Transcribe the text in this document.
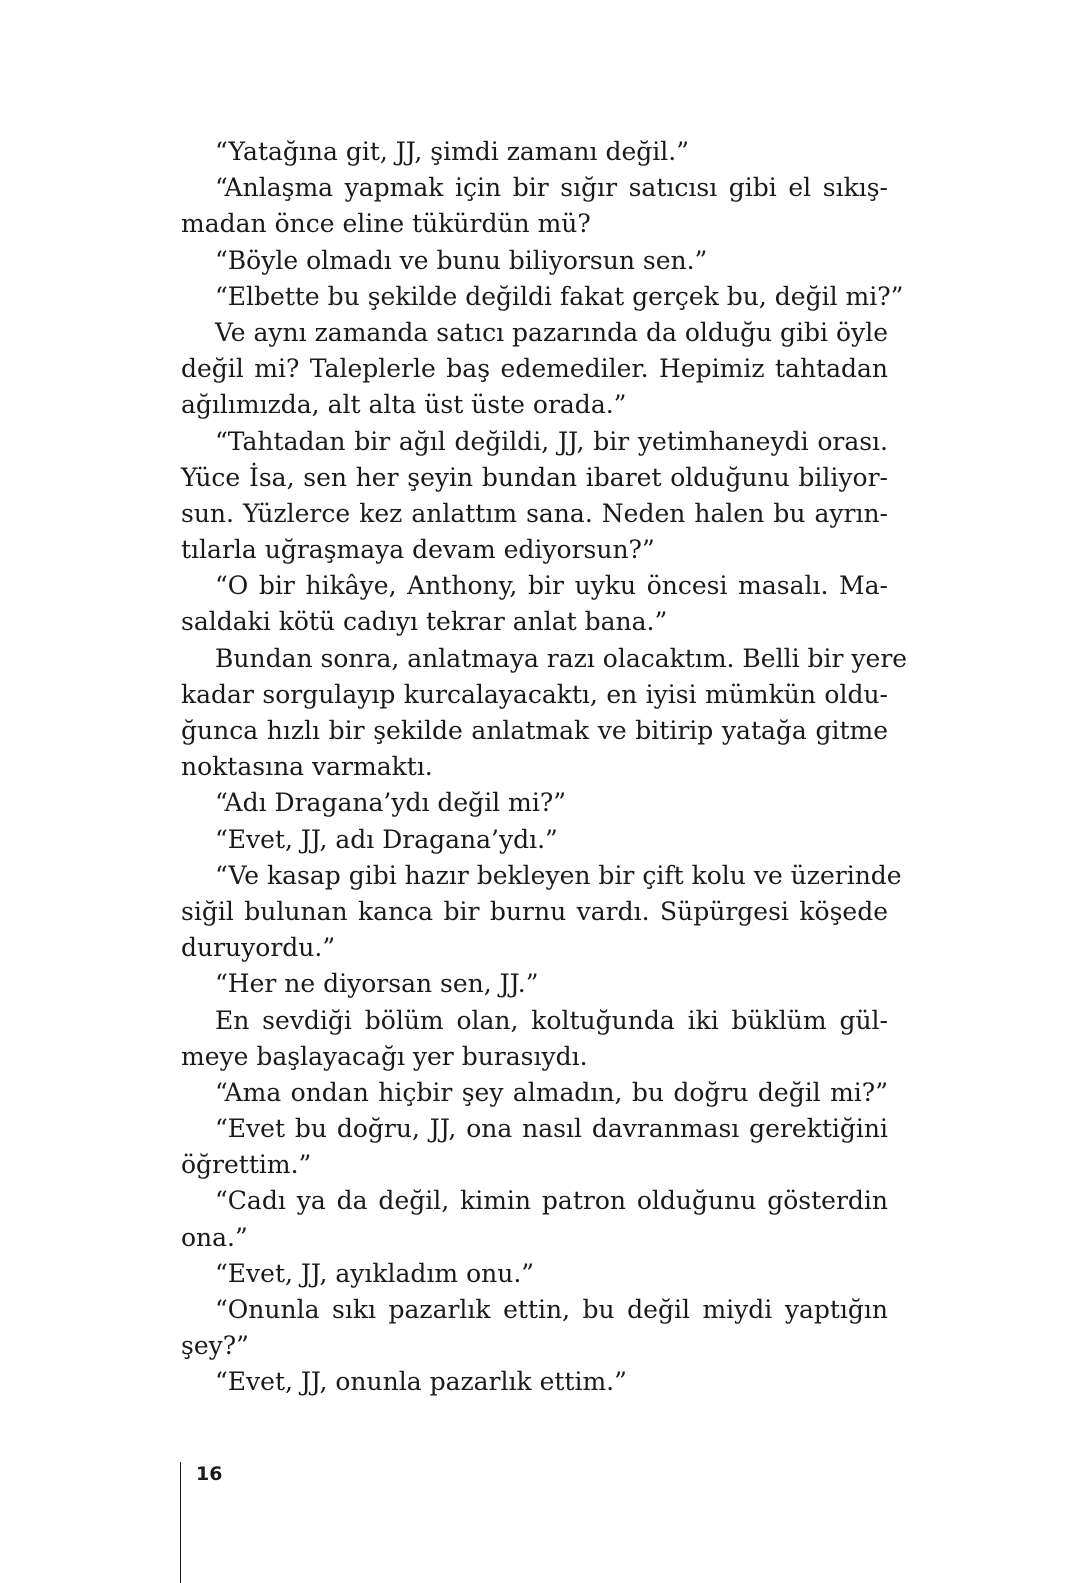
“Yatağına git, JJ, şimdi zamanı değil.”
“Anlaşma yapmak için bir sığır satıcısı gibi el sıkış-
madan önce eline tükürdün mü?
“Böyle olmadı ve bunu biliyorsun sen.”
“Elbette bu şekilde değildi fakat gerçek bu, değil mi?”
Ve aynı zamanda satıcı pazarında da olduğu gibi öyle
değil mi? Taleplerle baş edemediler. Hepimiz tahtadan
ağılımızda, alt alta üst üste orada.”
“Tahtadan bir ağıl değildi, JJ, bir yetimhaneydi orası.
Yüce İsa, sen her şeyin bundan ibaret olduğunu biliyor-
sun. Yüzlerce kez anlattım sana. Neden halen bu ayrın-
tılarla uğraşmaya devam ediyorsun?”
“O bir hikâye, Anthony, bir uyku öncesi masalı. Ma-
saldaki kötü cadıyı tekrar anlat bana.”
Bundan sonra, anlatmaya razı olacaktım. Belli bir yere
kadar sorgulayıp kurcalayacaktı, en iyisi mümkün oldu-
ğunca hızlı bir şekilde anlatmak ve bitirip yatağa gitme
noktasına varmaktı.
“Adı Dragana’ydı değil mi?”
“Evet, JJ, adı Dragana’ydı.”
“Ve kasap gibi hazır bekleyen bir çift kolu ve üzerinde
siğil bulunan kanca bir burnu vardı. Süpürgesi köşede
duruyordu.”
“Her ne diyorsan sen, JJ.”
En sevdiği bölüm olan, koltuğunda iki büklüm gül-
meye başlayacağı yer burasıydı.
“Ama ondan hiçbir şey almadın, bu doğru değil mi?”
“Evet bu doğru, JJ, ona nasıl davranması gerektiğini
öğrettim.”
“Cadı ya da değil, kimin patron olduğunu gösterdin
ona.”
“Evet, JJ, ayıkladım onu.”
“Onunla sıkı pazarlık ettin, bu değil miydi yaptığın
şey?”
“Evet, JJ, onunla pazarlık ettim.”
16
